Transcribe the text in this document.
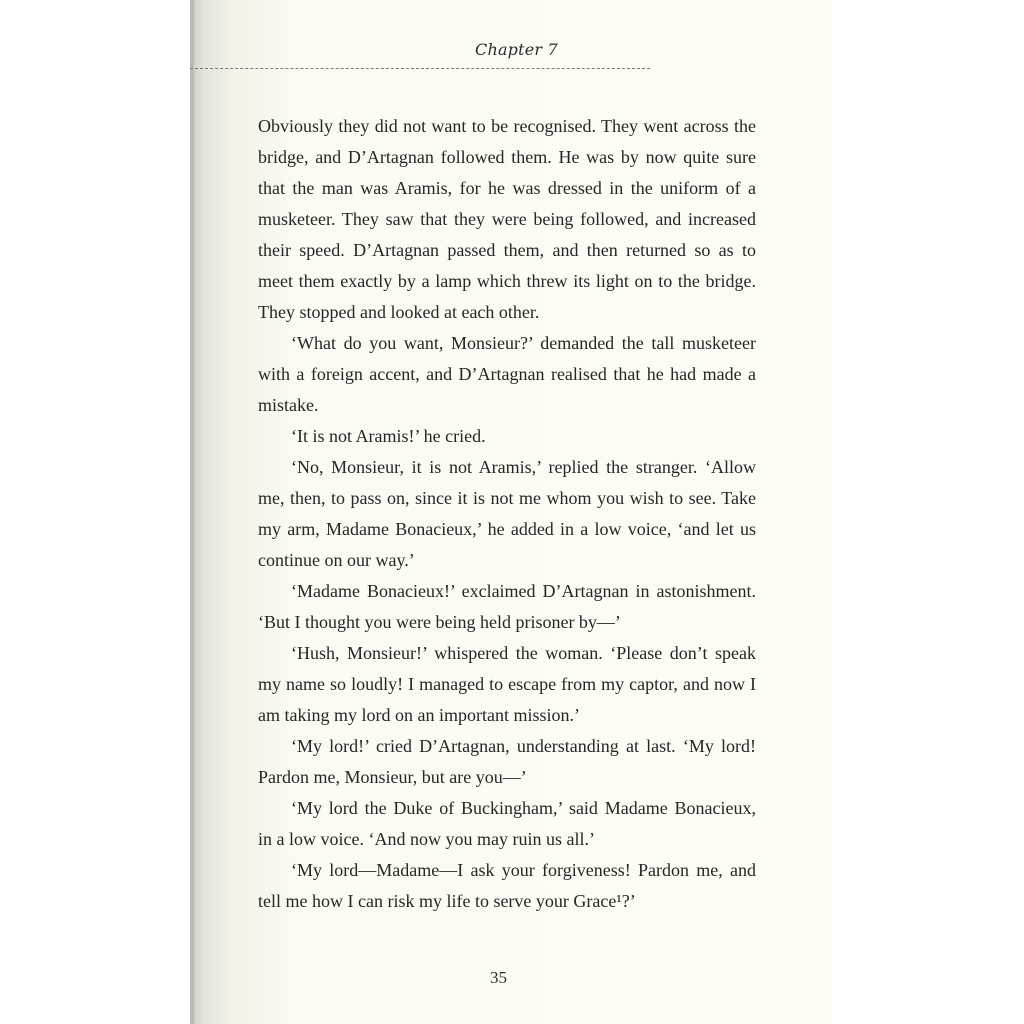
Chapter 7

Obviously they did not want to be recognised. They went across the bridge, and D’Artagnan followed them. He was by now quite sure that the man was Aramis, for he was dressed in the uniform of a musketeer. They saw that they were being followed, and increased their speed. D’Artagnan passed them, and then returned so as to meet them exactly by a lamp which threw its light on to the bridge. They stopped and looked at each other.

‘What do you want, Monsieur?’ demanded the tall musketeer with a foreign accent, and D’Artagnan realised that he had made a mistake.

‘It is not Aramis!’ he cried.

‘No, Monsieur, it is not Aramis,’ replied the stranger. ‘Allow me, then, to pass on, since it is not me whom you wish to see. Take my arm, Madame Bonacieux,’ he added in a low voice, ‘and let us continue on our way.’

‘Madame Bonacieux!’ exclaimed D’Artagnan in astonishment. ‘But I thought you were being held prisoner by—’

‘Hush, Monsieur!’ whispered the woman. ‘Please don’t speak my name so loudly! I managed to escape from my captor, and now I am taking my lord on an important mission.’

‘My lord!’ cried D’Artagnan, understanding at last. ‘My lord! Pardon me, Monsieur, but are you—’

‘My lord the Duke of Buckingham,’ said Madame Bonacieux, in a low voice. ‘And now you may ruin us all.’

‘My lord—Madame—I ask your forgiveness! Pardon me, and tell me how I can risk my life to serve your Grace¹?’

35
